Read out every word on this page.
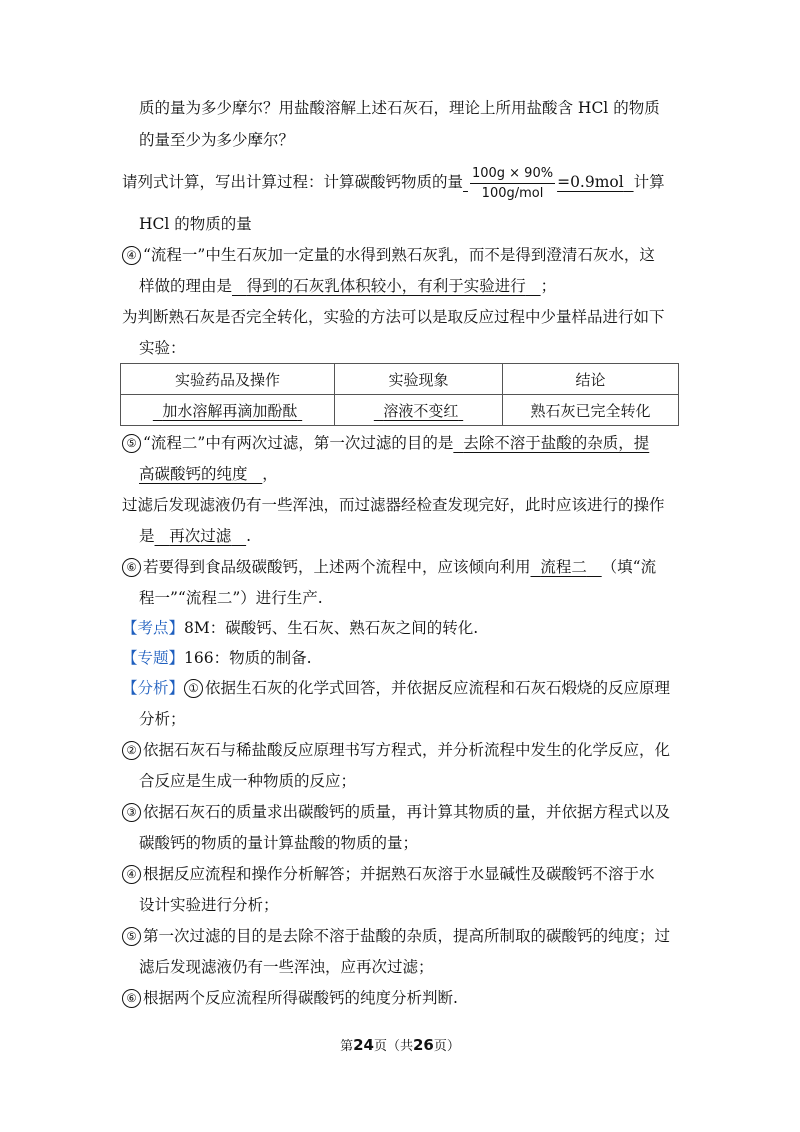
质的量为多少摩尔？用盐酸溶解上述石灰石，理论上所用盐酸含 HCl 的物质
的量至少为多少摩尔？
请列式计算，写出计算过程：计算碳酸钙物质的量 $\frac{100g \times 90\%}{\text{100g/mol}} =0.9mol$ 计算
HCl 的物质的量
④ “流程一”中生石灰加一定量的水得到熟石灰乳，而不是得到澄清石灰水，这
样做的理由是 得到的石灰乳体积较小，有利于实验进行 ；
为判断熟石灰是否完全转化，实验的方法可以是取反应过程中少量样品进行如下
实验：
实验药品及操作	实验现象	结论
加水溶解再滴加酚酞	溶液不变红	熟石灰已完全转化
⑤ “流程二”中有两次过滤，第一次过滤的目的是 去除不溶于盐酸的杂质，提
高碳酸钙的纯度 ，
过滤后发现滤液仍有一些浑浊，而过滤器经检查发现完好，此时应该进行的操作
是 再次过滤 .
⑥ 若要得到食品级碳酸钙，上述两个流程中，应该倾向利用 流程二 （填“流
程一”“流程二”）进行生产.
【考点】8M：碳酸钙、生石灰、熟石灰之间的转化.
【专题】166：物质的制备.
【分析】 ① 依据生石灰的化学式回答，并依据反应流程和石灰石煅烧的反应原理
分析；
② 依据石灰石与稀盐酸反应原理书写方程式，并分析流程中发生的化学反应，化
合反应是生成一种物质的反应；
③ 依据石灰石的质量求出碳酸钙的质量，再计算其物质的量，并依据方程式以及
碳酸钙的物质的量计算盐酸的物质的量；
④ 根据反应流程和操作分析解答；并据熟石灰溶于水显碱性及碳酸钙不溶于水
设计实验进行分析；
⑤ 第一次过滤的目的是去除不溶于盐酸的杂质，提高所制取的碳酸钙的纯度；过
滤后发现滤液仍有一些浑浊，应再次过滤；
⑥ 根据两个反应流程所得碳酸钙的纯度分析判断.
第24页（共26页）
